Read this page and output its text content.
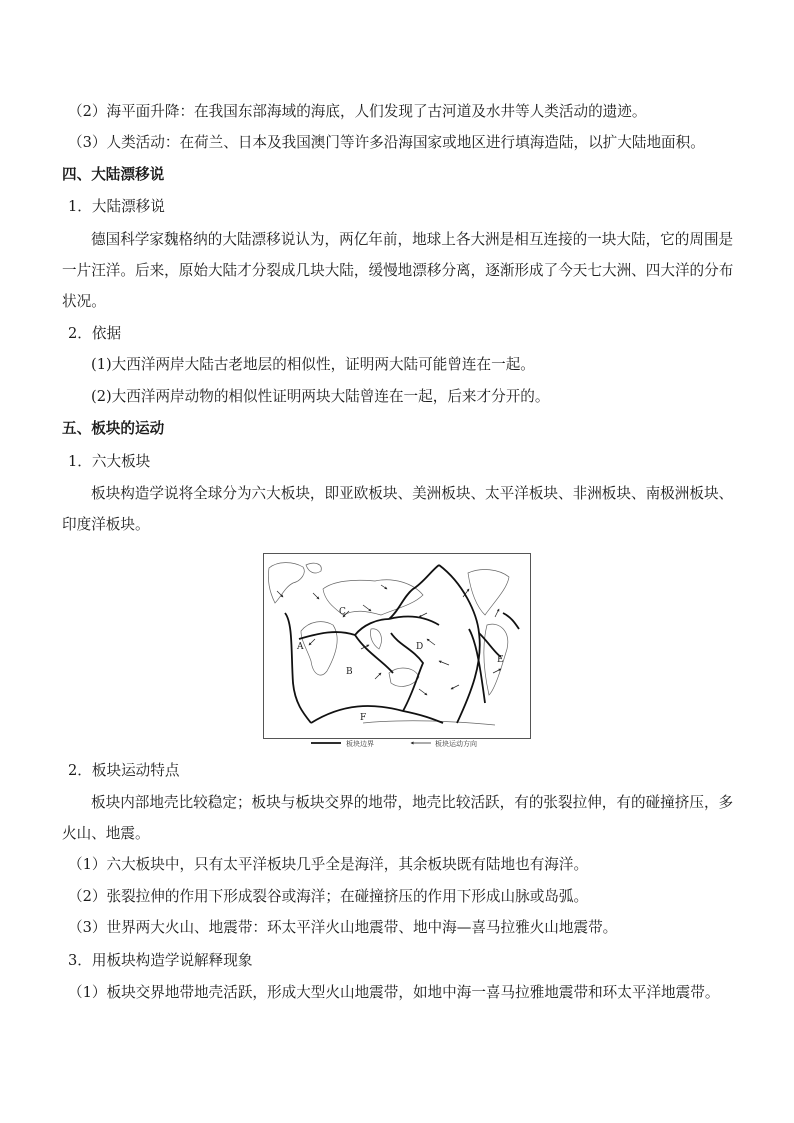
（2）海平面升降：在我国东部海域的海底，人们发现了古河道及水井等人类活动的遗迹。
（3）人类活动：在荷兰、日本及我国澳门等许多沿海国家或地区进行填海造陆，以扩大陆地面积。
四、大陆漂移说
1．大陆漂移说
德国科学家魏格纳的大陆漂移说认为，两亿年前，地球上各大洲是相互连接的一块大陆，它的周围是
一片汪洋。后来，原始大陆才分裂成几块大陆，缓慢地漂移分离，逐渐形成了今天七大洲、四大洋的分布
状况。
2．依据
(1)大西洋两岸大陆古老地层的相似性，证明两大陆可能曾连在一起。
(2)大西洋两岸动物的相似性证明两块大陆曾连在一起，后来才分开的。
五、板块的运动
1．六大板块
板块构造学说将全球分为六大板块，即亚欧板块、美洲板块、太平洋板块、非洲板块、南极洲板块、
印度洋板块。
A
B
C
D
E
F
板块边界	板块运动方向
2．板块运动特点
板块内部地壳比较稳定；板块与板块交界的地带，地壳比较活跃，有的张裂拉伸，有的碰撞挤压，多
火山、地震。
（1）六大板块中，只有太平洋板块几乎全是海洋，其余板块既有陆地也有海洋。
（2）张裂拉伸的作用下形成裂谷或海洋；在碰撞挤压的作用下形成山脉或岛弧。
（3）世界两大火山、地震带：环太平洋火山地震带、地中海—喜马拉雅火山地震带。
3．用板块构造学说解释现象
（1）板块交界地带地壳活跃，形成大型火山地震带，如地中海一喜马拉雅地震带和环太平洋地震带。
